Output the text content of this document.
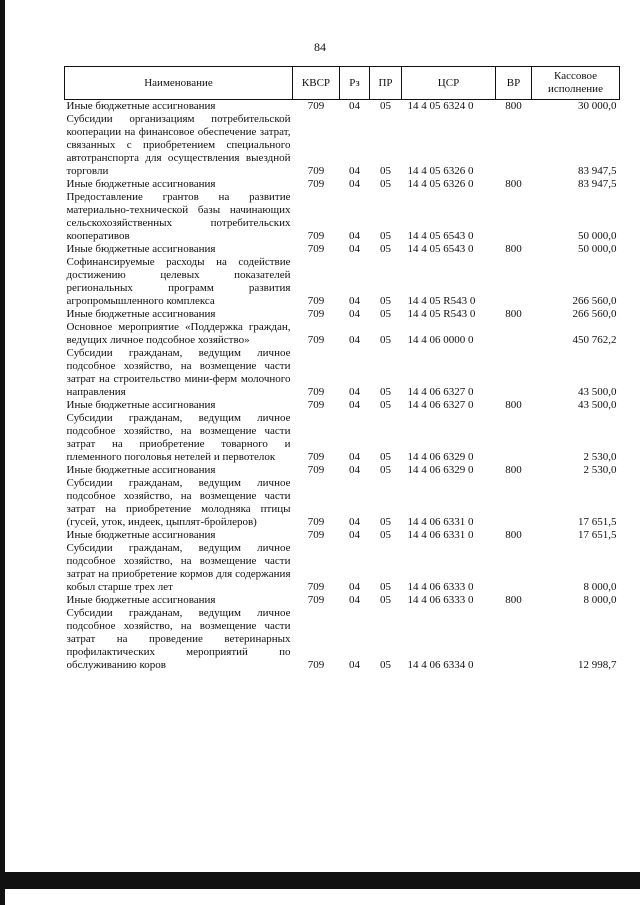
84
Наименование	КВСР	Рз	ПР	ЦСР	ВР	Кассовое исполнение
Иные бюджетные ассигнования	709	04	05	14 4 05 6324 0	800	30 000,0
Субсидии организациям потребительской кооперации на финансовое обеспечение затрат, связанных с приобретением специального автотранспорта для осуществления выездной торговли	709	04	05	14 4 05 6326 0		83 947,5
Иные бюджетные ассигнования	709	04	05	14 4 05 6326 0	800	83 947,5
Предоставление грантов на развитие материально-технической базы начинающих сельскохозяйственных потребительских кооперативов	709	04	05	14 4 05 6543 0		50 000,0
Иные бюджетные ассигнования	709	04	05	14 4 05 6543 0	800	50 000,0
Софинансируемые расходы на содействие достижению целевых показателей региональных программ развития агропромышленного комплекса	709	04	05	14 4 05 R543 0		266 560,0
Иные бюджетные ассигнования	709	04	05	14 4 05 R543 0	800	266 560,0
Основное мероприятие «Поддержка граждан, ведущих личное подсобное хозяйство»	709	04	05	14 4 06 0000 0		450 762,2
Субсидии гражданам, ведущим личное подсобное хозяйство, на возмещение части затрат на строительство мини-ферм молочного направления	709	04	05	14 4 06 6327 0		43 500,0
Иные бюджетные ассигнования	709	04	05	14 4 06 6327 0	800	43 500,0
Субсидии гражданам, ведущим личное подсобное хозяйство, на возмещение части затрат на приобретение товарного и племенного поголовья нетелей и первотелок	709	04	05	14 4 06 6329 0		2 530,0
Иные бюджетные ассигнования	709	04	05	14 4 06 6329 0	800	2 530,0
Субсидии гражданам, ведущим личное подсобное хозяйство, на возмещение части затрат на приобретение молодняка птицы (гусей, уток, индеек, цыплят-бройлеров)	709	04	05	14 4 06 6331 0		17 651,5
Иные бюджетные ассигнования	709	04	05	14 4 06 6331 0	800	17 651,5
Субсидии гражданам, ведущим личное подсобное хозяйство, на возмещение части затрат на приобретение кормов для содержания кобыл старше трех лет	709	04	05	14 4 06 6333 0		8 000,0
Иные бюджетные ассигнования	709	04	05	14 4 06 6333 0	800	8 000,0
Субсидии гражданам, ведущим личное подсобное хозяйство, на возмещение части затрат на проведение ветеринарных профилактических мероприятий по обслуживанию коров	709	04	05	14 4 06 6334 0		12 998,7
